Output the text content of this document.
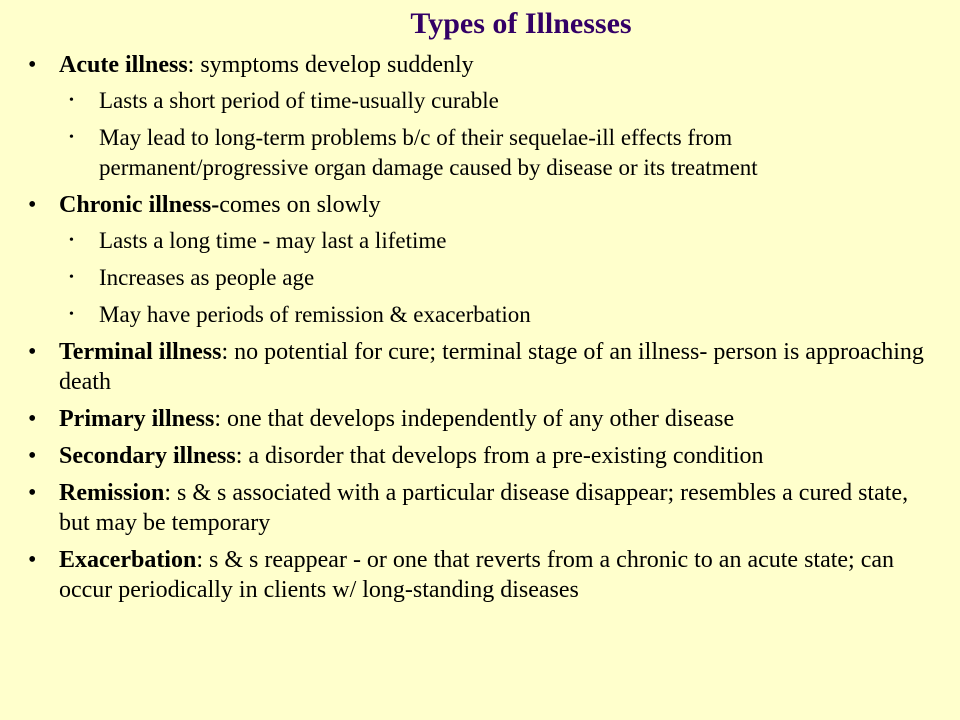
Types of Illnesses
• Acute illness: symptoms develop suddenly
• Lasts a short period of time-usually curable
• May lead to long-term problems b/c of their sequelae-ill effects from permanent/progressive organ damage caused by disease or its treatment
• Chronic illness-comes on slowly
• Lasts a long time - may last a lifetime
• Increases as people age
• May have periods of remission & exacerbation
• Terminal illness: no potential for cure; terminal stage of an illness- person is approaching death
• Primary illness: one that develops independently of any other disease
• Secondary illness: a disorder that develops from a pre-existing condition
• Remission: s & s associated with a particular disease disappear; resembles a cured state, but may be temporary
• Exacerbation: s & s reappear - or one that reverts from a chronic to an acute state; can occur periodically in clients w/ long-standing diseases
